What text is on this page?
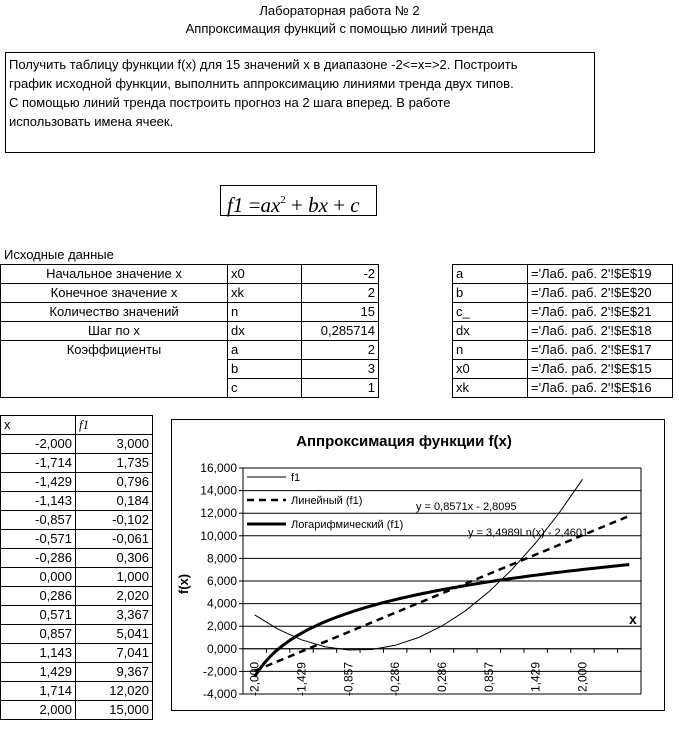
Лабораторная работа № 2
Аппроксимация функций с помощью линий тренда
Получить таблицу функции f(x) для 15 значений x в диапазоне -2<=x=>2. Построить
график исходной функции, выполнить аппроксимацию линиями тренда двух типов.
С помощью линий тренда построить прогноз на 2 шага вперед. В работе
использовать имена ячеек.
$f1 =ax^2$ + bx + c
Исходные данные
Начальное значение x	x0	-2
Конечное значение x	xk	2
Количество значений	n	15
Шаг по x	dx	0,285714
Коэффициенты	a	2
	b	3
	c	1
a	='Лаб. раб. 2'!$E$19
b	='Лаб. раб. 2'!$E$20
c_	='Лаб. раб. 2'!$E$21
dx	='Лаб. раб. 2'!$E$18
n	='Лаб. раб. 2'!$E$17
x0	='Лаб. раб. 2'!$E$15
xk	='Лаб. раб. 2'!$E$16
x	f1
-2,000	3,000
-1,714	1,735
-1,429	0,796
-1,143	0,184
-0,857	-0,102
-0,571	-0,061
-0,286	0,306
0,000	1,000
0,286	2,020
0,571	3,367
0,857	5,041
1,143	7,041
1,429	9,367
1,714	12,020
2,000	15,000
Аппроксимация функции f(x)
16,000
14,000
12,000
10,000
8,000
6,000
4,000
2,000
0,000
-2,000
-4,000 -2,000	-1,429	-0,857	-0,286	0,286	0,857	1,429	2,000
f(x)
x
f1
Линейный (f1)
Логарифмический (f1)
y = 0,8571x - 2,8095
y = 3,4989Ln(x) - 2,4601
